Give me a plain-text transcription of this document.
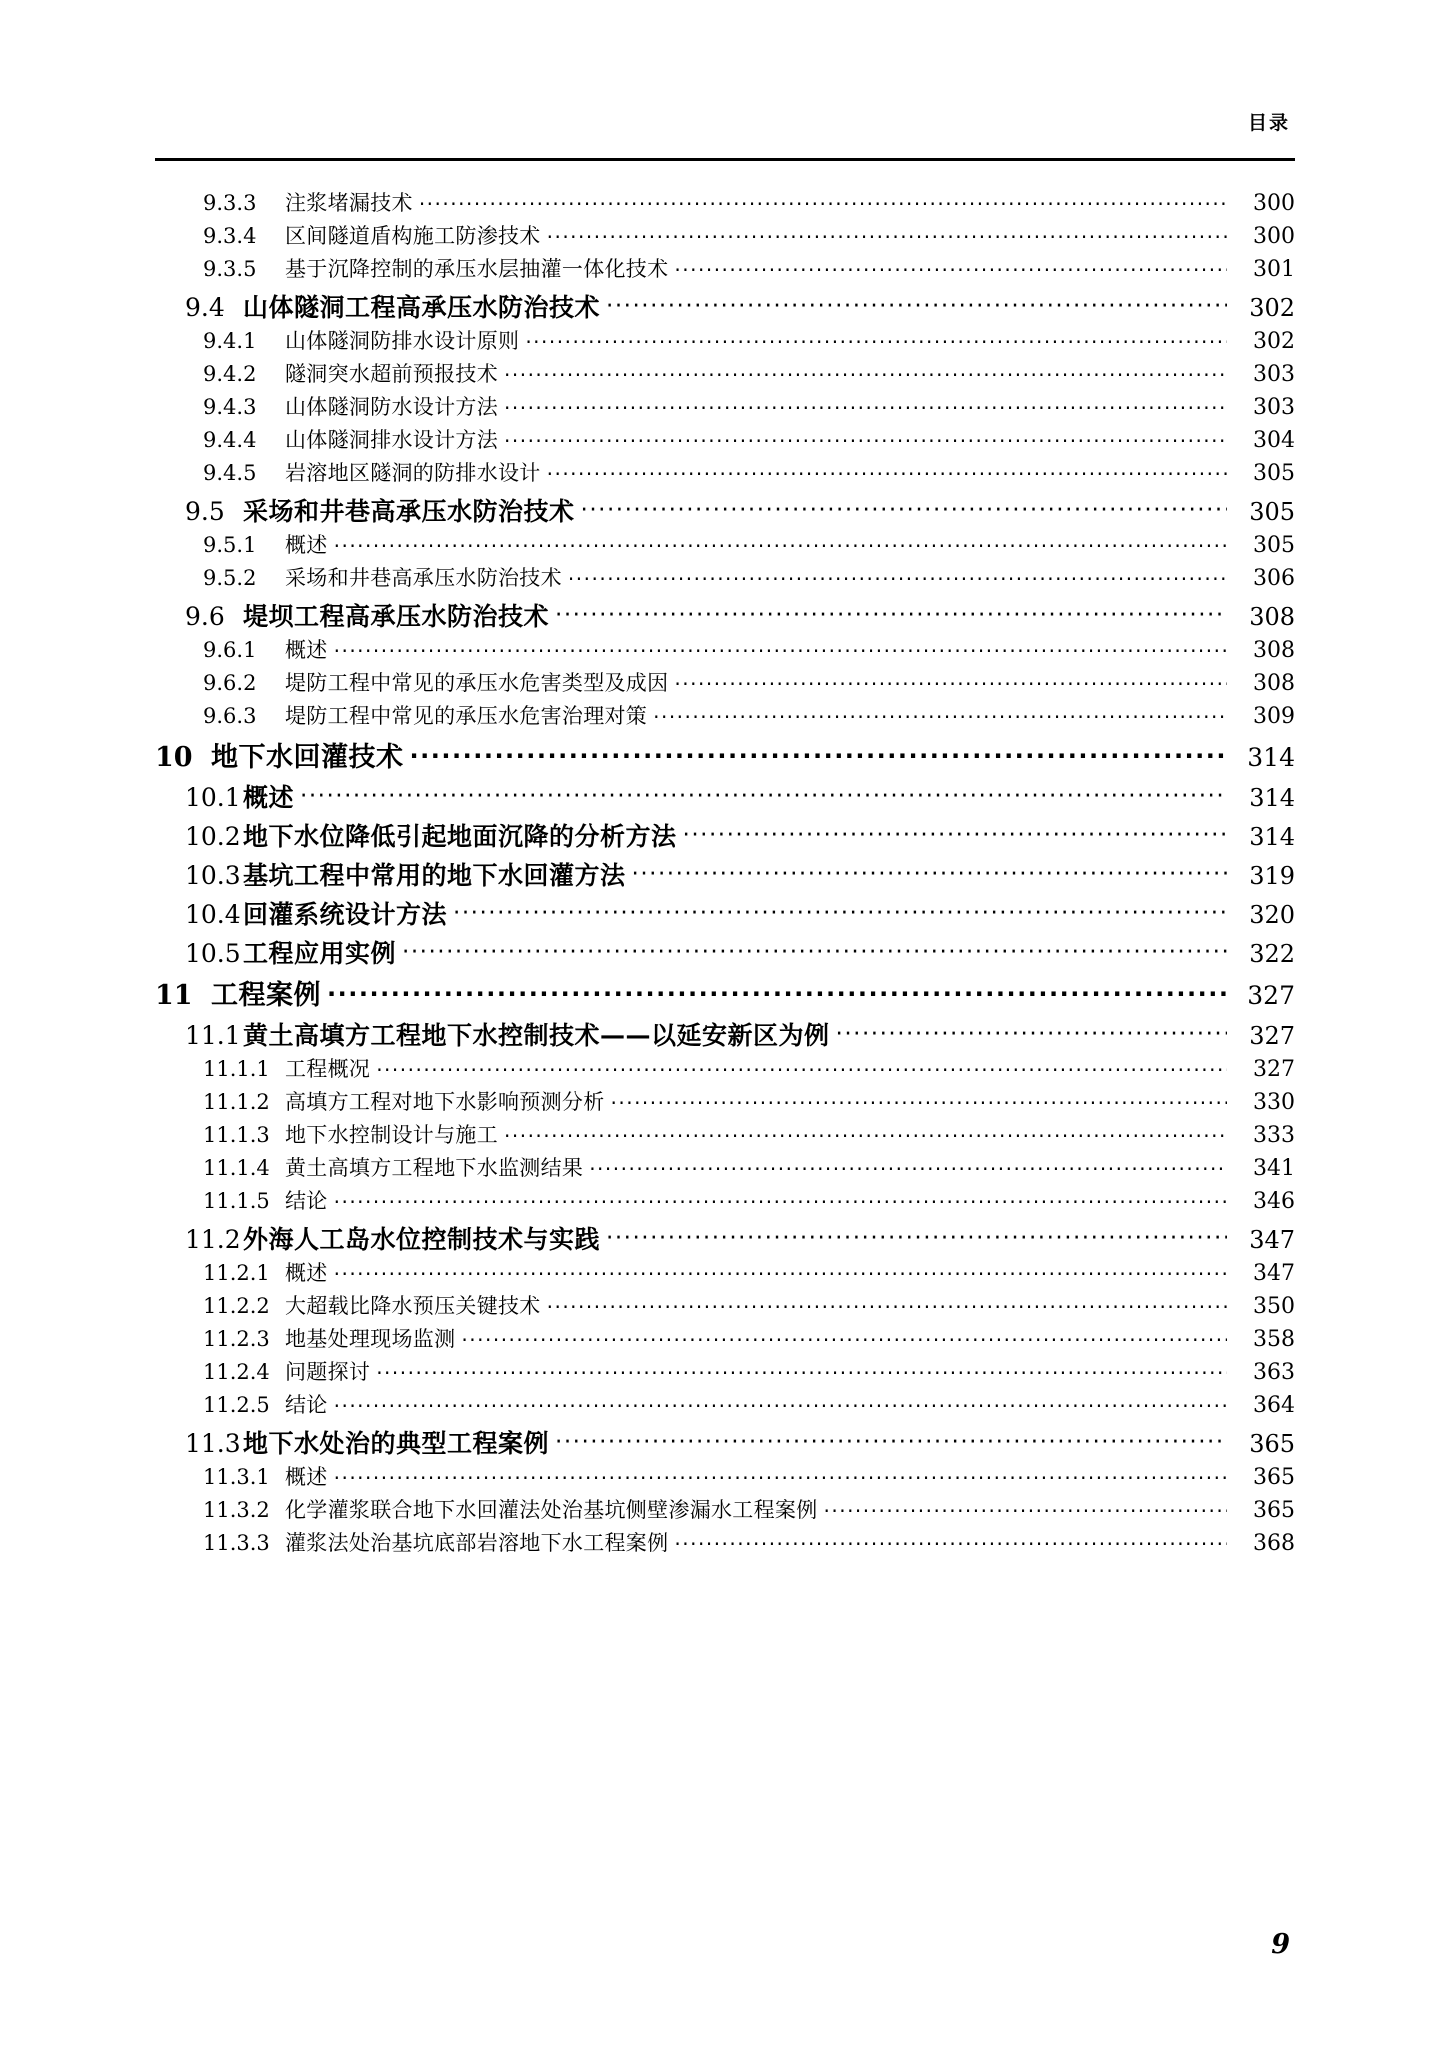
目录
9.3.3	注浆堵漏技术 ·····	300
9.3.4	区间隧道盾构施工防渗技术 ·····	300
9.3.5	基于沉降控制的承压水层抽灌一体化技术 ·····	301
9.4 山体隧洞工程高承压水防治技术 ·····	302
9.4.1	山体隧洞防排水设计原则 ·····	302
9.4.2	隧洞突水超前预报技术 ·····	303
9.4.3	山体隧洞防水设计方法 ·····	303
9.4.4	山体隧洞排水设计方法 ·····	304
9.4.5	岩溶地区隧洞的防排水设计 ·····	305
9.5 采场和井巷高承压水防治技术 ·····	305
9.5.1	概述 ·····	305
9.5.2	采场和井巷高承压水防治技术 ·····	306
9.6 堤坝工程高承压水防治技术 ·····	308
9.6.1	概述 ·····	308
9.6.2	堤防工程中常见的承压水危害类型及成因 ·····	308
9.6.3	堤防工程中常见的承压水危害治理对策 ·····	309
10 地下水回灌技术 ·····	314
10.1 概述 ·····	314
10.2 地下水位降低引起地面沉降的分析方法 ·····	314
10.3 基坑工程中常用的地下水回灌方法 ·····	319
10.4 回灌系统设计方法 ·····	320
10.5 工程应用实例 ·····	322
11 工程案例 ·····	327
11.1 黄土高填方工程地下水控制技术——以延安新区为例 ·····	327
11.1.1 工程概况 ·····	327
11.1.2 高填方工程对地下水影响预测分析 ·····	330
11.1.3 地下水控制设计与施工 ·····	333
11.1.4 黄土高填方工程地下水监测结果 ·····	341
11.1.5 结论 ·····	346
11.2 外海人工岛水位控制技术与实践 ·····	347
11.2.1 概述 ·····	347
11.2.2 大超载比降水预压关键技术 ·····	350
11.2.3 地基处理现场监测 ·····	358
11.2.4 问题探讨 ·····	363
11.2.5 结论 ·····	364
11.3 地下水处治的典型工程案例 ·····	365
11.3.1 概述 ·····	365
11.3.2 化学灌浆联合地下水回灌法处治基坑侧壁渗漏水工程案例 ·····	365
11.3.3 灌浆法处治基坑底部岩溶地下水工程案例 ·····	368
9
